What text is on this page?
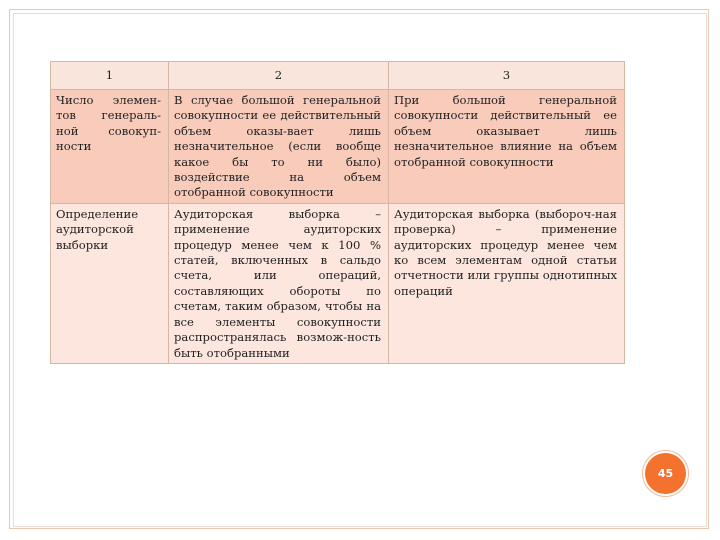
1	2	3
Число элемен-тов генераль-ной совокуп-ности	В случае большой генеральной совокупности ее действительный объем оказы-вает лишь незначительное (если вообще какое бы то ни было) воздействие на объем отобранной совокупности	При большой генеральной совокупности действительный ее объем оказывает лишь незначительное влияние на объем отобранной совокупности
Определение аудиторской выборки	Аудиторская выборка – применение аудиторских процедур менее чем к 100 % статей, включенных в сальдо счета, или операций, составляющих обороты по счетам, таким образом, чтобы на все элементы совокупности распространялась возмож-ность быть отобранными	Аудиторская выборка (выбороч-ная проверка) – применение аудиторских процедур менее чем ко всем элементам одной статьи отчетности или группы однотипных операций
45
